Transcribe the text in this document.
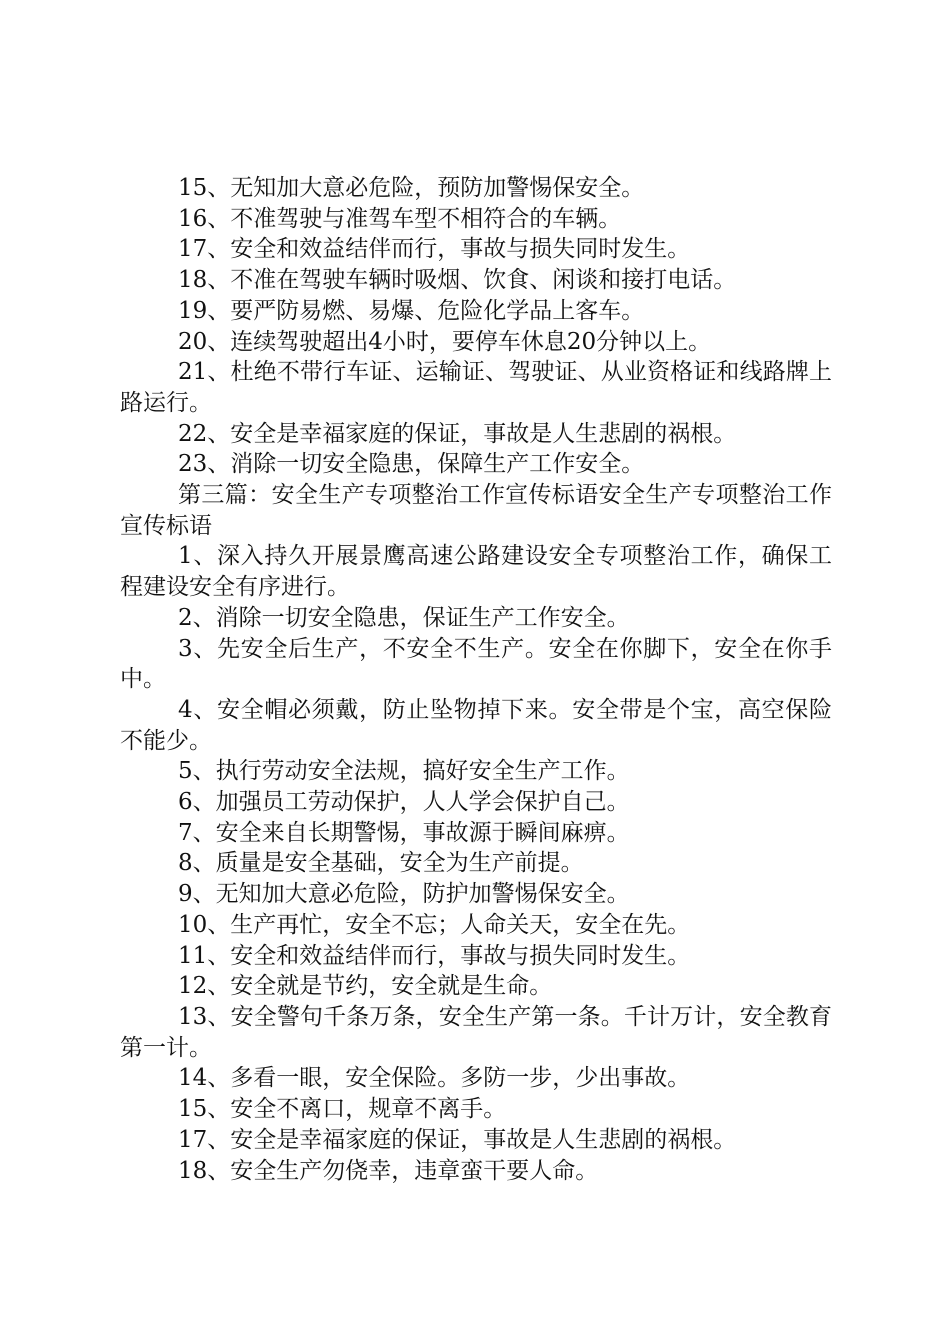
15、无知加大意必危险，预防加警惕保安全。

16、不准驾驶与准驾车型不相符合的车辆。

17、安全和效益结伴而行，事故与损失同时发生。

18、不准在驾驶车辆时吸烟、饮食、闲谈和接打电话。

19、要严防易燃、易爆、危险化学品上客车。

20、连续驾驶超出4小时，要停车休息20分钟以上。

21、杜绝不带行车证、运输证、驾驶证、从业资格证和线路牌上路运行。

22、安全是幸福家庭的保证，事故是人生悲剧的祸根。

23、消除一切安全隐患，保障生产工作安全。

第三篇：安全生产专项整治工作宣传标语安全生产专项整治工作宣传标语

1、深入持久开展景鹰高速公路建设安全专项整治工作，确保工程建设安全有序进行。

2、消除一切安全隐患，保证生产工作安全。

3、先安全后生产，不安全不生产。安全在你脚下，安全在你手中。

4、安全帽必须戴，防止坠物掉下来。安全带是个宝，高空保险不能少。

5、执行劳动安全法规，搞好安全生产工作。

6、加强员工劳动保护，人人学会保护自己。

7、安全来自长期警惕，事故源于瞬间麻痹。

8、质量是安全基础，安全为生产前提。

9、无知加大意必危险，防护加警惕保安全。

10、生产再忙，安全不忘；人命关天，安全在先。

11、安全和效益结伴而行，事故与损失同时发生。

12、安全就是节约，安全就是生命。

13、安全警句千条万条，安全生产第一条。千计万计，安全教育第一计。

14、多看一眼，安全保险。多防一步，少出事故。

15、安全不离口，规章不离手。

17、安全是幸福家庭的保证，事故是人生悲剧的祸根。

18、安全生产勿侥幸，违章蛮干要人命。
